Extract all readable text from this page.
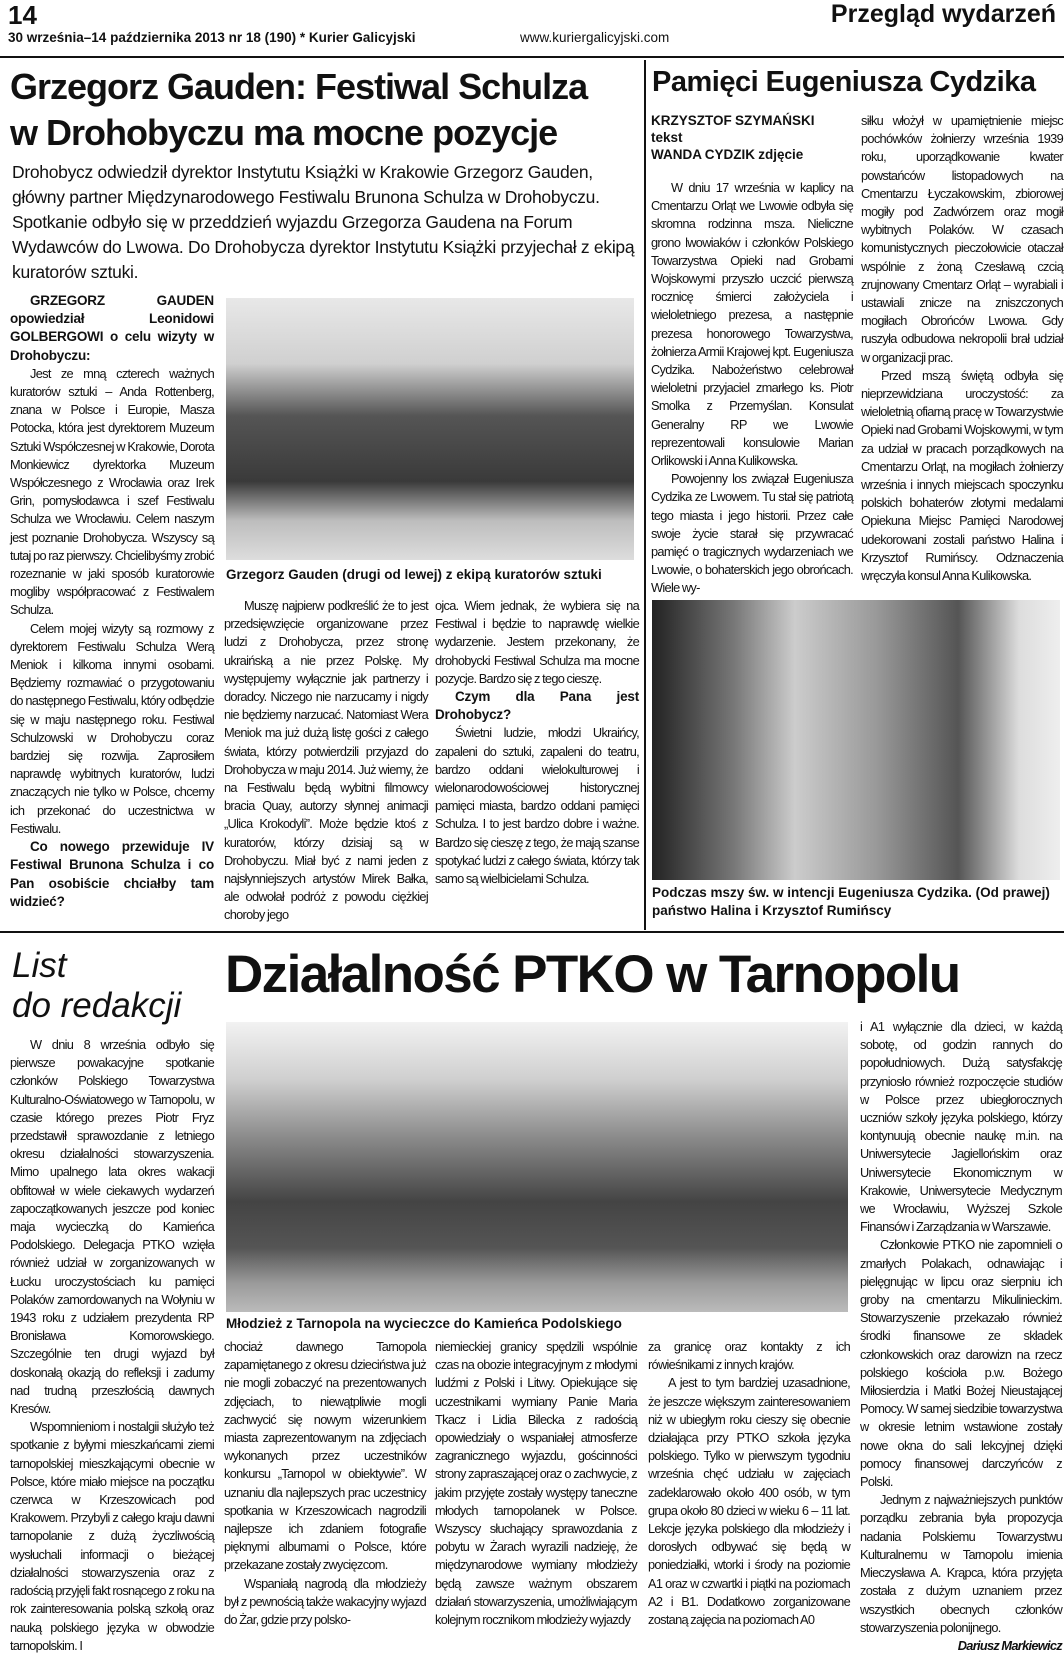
14
30 września–14 października 2013 nr 18 (190) * Kurier Galicyjski	www.kuriergalicyjski.com
Przegląd wydarzeń
Grzegorz Gauden: Festiwal Schulza
w Drohobyczu ma mocne pozycje
Drohobycz odwiedził dyrektor Instytutu Książki w Krakowie Grzegorz Gauden, główny partner Międzynarodowego Festiwalu Brunona Schulza w Drohobyczu. Spotkanie odbyło się w przeddzień wyjazdu Grzegorza Gaudena na Forum Wydawców do Lwowa. Do Drohobycza dyrektor Instytutu Książki przyjechał z ekipą kuratorów sztuki.

GRZEGORZ GAUDEN opowiedział Leonidowi GOLBERGOWI o celu wizyty w Drohobyczu:

Jest ze mną czterech ważnych kuratorów sztuki – Anda Rottenberg, znana w Polsce i Europie, Masza Potocka, która jest dyrektorem Muzeum Sztuki Współczesnej w Krakowie, Dorota Monkiewicz dyrektorka Muzeum Współczesnego z Wrocławia oraz Irek Grin, pomysłodawca i szef Festiwalu Schulza we Wrocławiu. Celem naszym jest poznanie Drohobycza. Wszyscy są tutaj po raz pierwszy. Chcielibyśmy zrobić rozeznanie w jaki sposób kuratorowie mogliby współpracować z Festiwalem Schulza.

Celem mojej wizyty są rozmowy z dyrektorem Festiwalu Schulza Werą Meniok i kilkoma innymi osobami. Będziemy rozmawiać o przygotowaniu do następnego Festiwalu, który odbędzie się w maju następnego roku. Festiwal Schulzowski w Drohobyczu coraz bardziej się rozwija. Zaprosiłem naprawdę wybitnych kuratorów, ludzi znaczących nie tylko w Polsce, chcemy ich przekonać do uczestnictwa w Festiwalu.

Co nowego przewiduje IV Festiwal Brunona Schulza i co Pan osobiście chciałby tam widzieć?

Grzegorz Gauden (drugi od lewej) z ekipą kuratorów sztuki

Muszę najpierw podkreślić że to jest przedsięwzięcie organizowane przez ludzi z Drohobycza, przez stronę ukraińską a nie przez Polskę. My występujemy wyłącznie jak partnerzy i doradcy. Niczego nie narzucamy i nigdy nie będziemy narzucać. Natomiast Wera Meniok ma już dużą listę gości z całego świata, którzy potwierdzili przyjazd do Drohobycza w maju 2014. Już wiemy, że na Festiwalu będą wybitni filmowcy bracia Quay, autorzy słynnej animacji „Ulica Krokodyli”. Może będzie ktoś z kuratorów, którzy dzisiaj są w Drohobyczu. Miał być z nami jeden z najsłynniejszych artystów Mirek Bałka, ale odwołał podróż z powodu ciężkiej choroby jego

ojca. Wiem jednak, że wybiera się na Festiwal i będzie to naprawdę wielkie wydarzenie. Jestem przekonany, że drohobycki Festiwal Schulza ma mocne pozycje. Bardzo się z tego cieszę.

Czym dla Pana jest Drohobycz?

Świetni ludzie, młodzi Ukraińcy, zapaleni do sztuki, zapaleni do teatru, bardzo oddani wielokulturowej i wielonarodowościowej historycznej pamięci miasta, bardzo oddani pamięci Schulza. I to jest bardzo dobre i ważne. Bardzo się cieszę z tego, że mają szanse spotykać ludzi z całego świata, którzy tak samo są wielbicielami Schulza.

Pamięci Eugeniusza Cydzika

KRZYSZTOF SZYMAŃSKI
tekst
WANDA CYDZIK zdjęcie

W dniu 17 września w kaplicy na Cmentarzu Orląt we Lwowie odbyła się skromna rodzinna msza. Nieliczne grono lwowiaków i członków Polskiego Towarzystwa Opieki nad Grobami Wojskowymi przyszło uczcić pierwszą rocznicę śmierci założyciela i wieloletniego prezesa, a następnie prezesa honorowego Towarzystwa, żołnierza Armii Krajowej kpt. Eugeniusza Cydzika. Nabożeństwo celebrował wieloletni przyjaciel zmarłego ks. Piotr Smolka z Przemyślan. Konsulat Generalny RP we Lwowie reprezentowali konsulowie Marian Orlikowski i Anna Kulikowska.

Powojenny los związał Eugeniusza Cydzika ze Lwowem. Tu stał się patriotą tego miasta i jego historii. Przez całe swoje życie starał się przywracać pamięć o tragicznych wydarzeniach we Lwowie, o bohaterskich jego obrońcach. Wiele wy-

siłku włożył w upamiętnienie miejsc pochówków żołnierzy września 1939 roku, uporządkowanie kwater powstańców listopadowych na Cmentarzu Łyczakowskim, zbiorowej mogiły pod Zadwórzem oraz mogił wybitnych Polaków. W czasach komunistycznych pieczołowicie otaczał wspólnie z żoną Czesławą czcią zrujnowany Cmentarz Orląt – wyrabiali i ustawiali znicze na zniszczonych mogiłach Obrońców Lwowa. Gdy ruszyła odbudowa nekropolii brał udział w organizacji prac.

Przed mszą świętą odbyła się nieprzewidziana uroczystość: za wieloletnią ofiarną pracę w Towarzystwie Opieki nad Grobami Wojskowymi, w tym za udział w pracach porządkowych na Cmentarzu Orląt, na mogiłach żołnierzy września i innych miejscach spoczynku polskich bohaterów złotymi medalami Opiekuna Miejsc Pamięci Narodowej udekorowani zostali państwo Halina i Krzysztof Rumińscy. Odznaczenia wręczyła konsul Anna Kulikowska.

Podczas mszy św. w intencji Eugeniusza Cydzika. (Od prawej) państwo Halina i Krzysztof Rumińscy
List
do redakcji

W dniu 8 września odbyło się pierwsze powakacyjne spotkanie członków Polskiego Towarzystwa Kulturalno-Oświatowego w Tarnopolu, w czasie którego prezes Piotr Fryz przedstawił sprawozdanie z letniego okresu działalności stowarzyszenia. Mimo upalnego lata okres wakacji obfitował w wiele ciekawych wydarzeń zapoczątkowanych jeszcze pod koniec maja wycieczką do Kamieńca Podolskiego. Delegacja PTKO wzięła również udział w zorganizowanych w Łucku uroczystościach ku pamięci Polaków zamordowanych na Wołyniu w 1943 roku z udziałem prezydenta RP Bronisława Komorowskiego. Szczególnie ten drugi wyjazd był doskonałą okazją do refleksji i zadumy nad trudną przeszłością dawnych Kresów.

Wspomnieniom i nostalgii służyło też spotkanie z byłymi mieszkańcami ziemi tarnopolskiej mieszkającymi obecnie w Polsce, które miało miejsce na początku czerwca w Krzeszowicach pod Krakowem. Przybyli z całego kraju dawni tarnopolanie z dużą życzliwością wysłuchali informacji o bieżącej działalności stowarzyszenia oraz z radością przyjęli fakt rosnącego z roku na rok zainteresowania polską szkołą oraz nauką polskiego języka w obwodzie tarnopolskim. I

Działalność PTKO w Tarnopolu
Młodzież z Tarnopola na wycieczce do Kamieńca Podolskiego

chociaż dawnego Tarnopola zapamiętanego z okresu dzieciństwa już nie mogli zobaczyć na prezentowanych zdjęciach, to niewątpliwie mogli zachwycić się nowym wizerunkiem miasta zaprezentowanym na zdjęciach wykonanych przez uczestników konkursu „Tarnopol w obiektywie”. W uznaniu dla najlepszych prac uczestnicy spotkania w Krzeszowicach nagrodzili najlepsze ich zdaniem fotografie pięknymi albumami o Polsce, które przekazane zostały zwycięzcom.

Wspaniałą nagrodą dla młodzieży był z pewnością także wakacyjny wyjazd do Żar, gdzie przy polsko-

niemieckiej granicy spędzili wspólnie czas na obozie integracyjnym z młodymi ludźmi z Polski i Litwy. Opiekujące się uczestnikami wymiany Panie Maria Tkacz i Lidia Bilecka z radością opowiedziały o wspaniałej atmosferze zagranicznego wyjazdu, gościnności strony zapraszającej oraz o zachwycie, z jakim przyjęte zostały występy taneczne młodych tarnopolanek w Polsce. Wszyscy słuchający sprawozdania z pobytu w Żarach wyrazili nadzieję, że międzynarodowe wymiany młodzieży będą zawsze ważnym obszarem działań stowarzyszenia, umożliwiającym kolejnym rocznikom młodzieży wyjazdy

za granicę oraz kontakty z ich rówieśnikami z innych krajów.

A jest to tym bardziej uzasadnione, że jeszcze większym zainteresowaniem niż w ubiegłym roku cieszy się obecnie działająca przy PTKO szkoła języka polskiego. Tylko w pierwszym tygodniu września chęć udziału w zajęciach zadeklarowało około 400 osób, w tym grupa około 80 dzieci w wieku 6 – 11 lat. Lekcje języka polskiego dla młodzieży i dorosłych odbywać się będą w poniedziałki, wtorki i środy na poziomie A1 oraz w czwartki i piątki na poziomach A2 i B1. Dodatkowo zorganizowane zostaną zajęcia na poziomach A0

i A1 wyłącznie dla dzieci, w każdą sobotę, od godzin rannych do popołudniowych. Dużą satysfakcję przyniosło również rozpoczęcie studiów w Polsce przez ubiegłorocznych uczniów szkoły języka polskiego, którzy kontynuują obecnie naukę m.in. na Uniwersytecie Jagiellońskim oraz Uniwersytecie Ekonomicznym w Krakowie, Uniwersytecie Medycznym we Wrocławiu, Wyższej Szkole Finansów i Zarządzania w Warszawie.

Członkowie PTKO nie zapomnieli o zmarłych Polakach, odnawiając i pielęgnując w lipcu oraz sierpniu ich groby na cmentarzu Mikulinieckim. Stowarzyszenie przekazało również środki finansowe ze składek członkowskich oraz darowizn na rzecz polskiego kościoła p.w. Bożego Miłosierdzia i Matki Bożej Nieustającej Pomocy. W samej siedzibie towarzystwa w okresie letnim wstawione zostały nowe okna do sali lekcyjnej dzięki pomocy finansowej darczyńców z Polski.

Jednym z najważniejszych punktów porządku zebrania była propozycja nadania Polskiemu Towarzystwu Kulturalnemu w Tarnopolu imienia Mieczysława A. Krąpca, która przyjęta została z dużym uznaniem przez wszystkich obecnych członków stowarzyszenia polonijnego.

Dariusz Markiewicz
